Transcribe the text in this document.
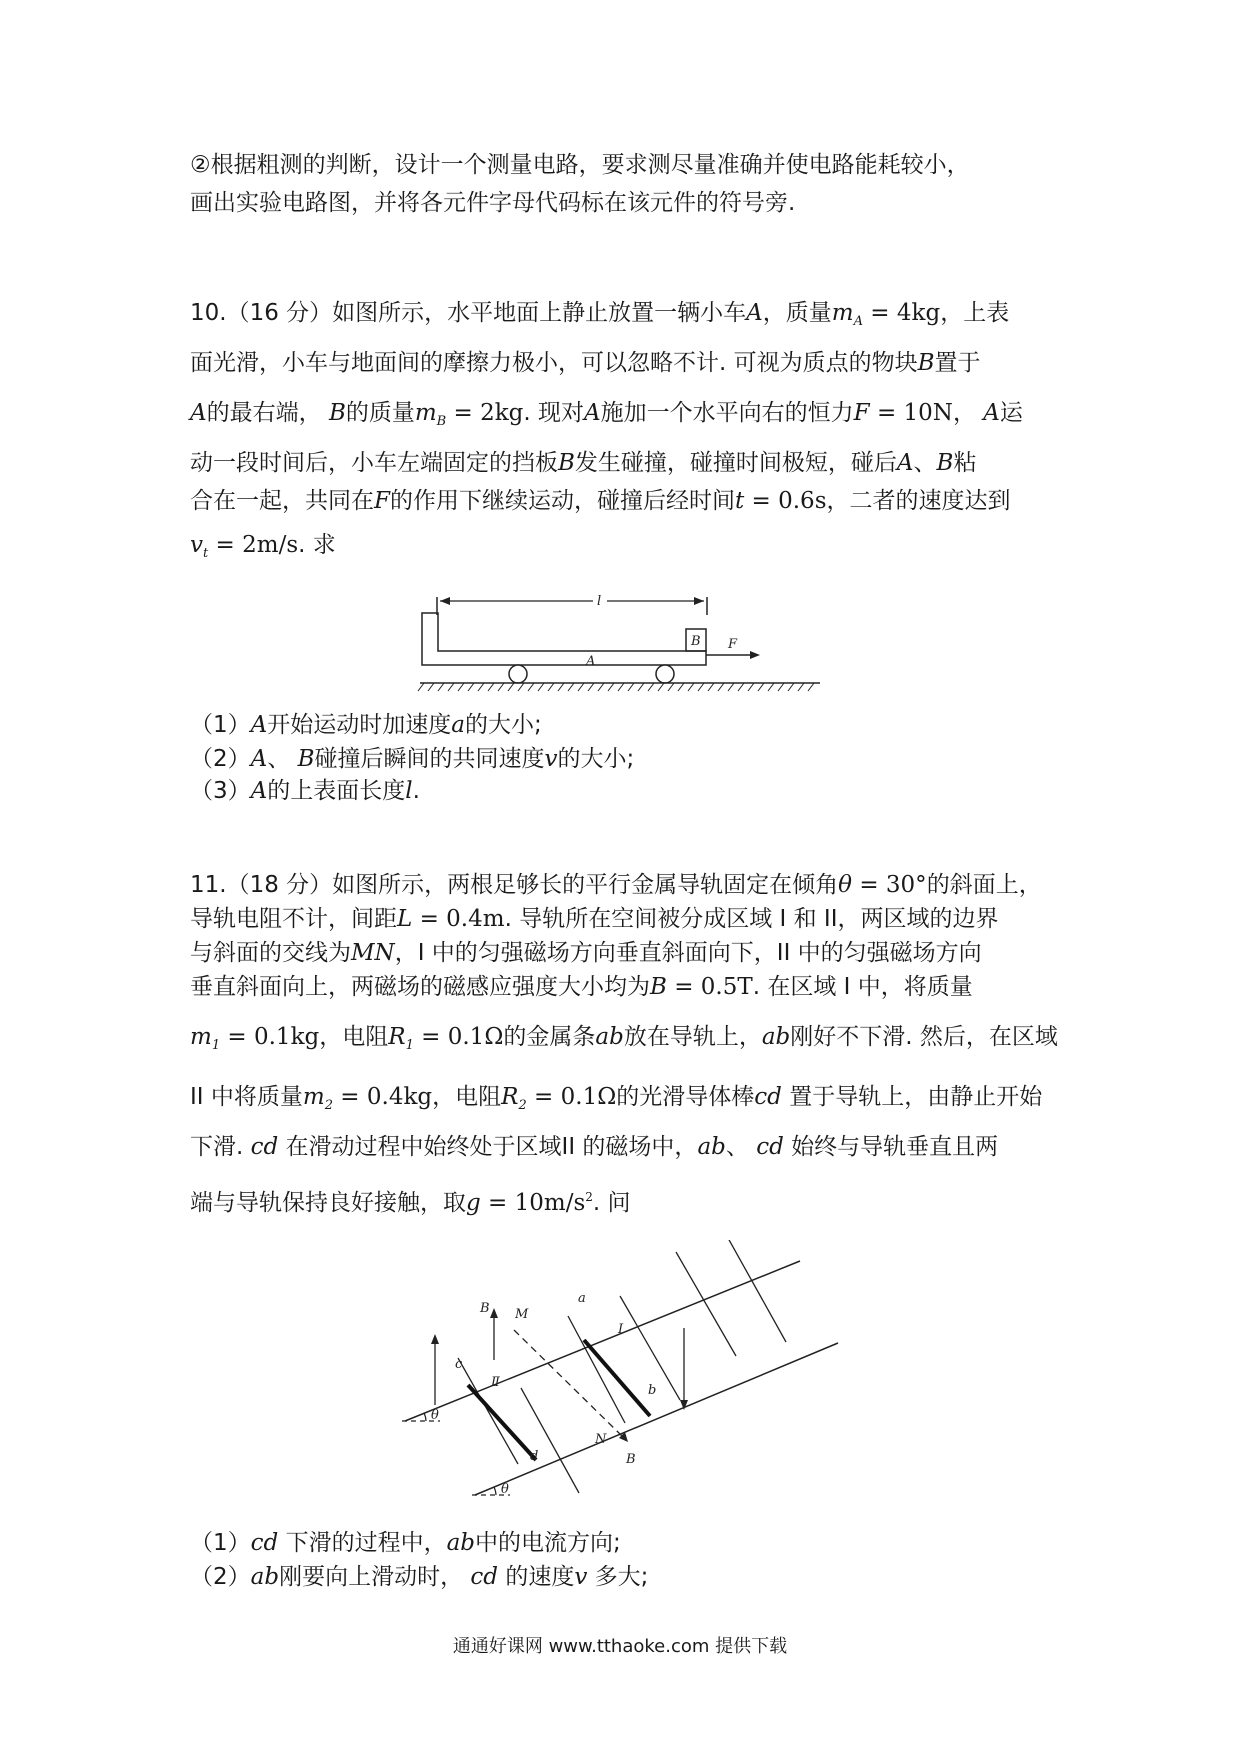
②根据粗测的判断，设计一个测量电路，要求测尽量准确并使电路能耗较小，
画出实验电路图，并将各元件字母代码标在该元件的符号旁.
10.（16 分）如图所示，水平地面上静止放置一辆小车A，质量$m_A = 4kg$，上表
面光滑，小车与地面间的摩擦力极小，可以忽略不计. 可视为质点的物块B置于
A的最右端， B的质量$m_B = 2kg$. 现对A施加一个水平向右的恒力F = 10N， A运
动一段时间后，小车左端固定的挡板B发生碰撞，碰撞时间极短，碰后A、B粘
合在一起，共同在F的作用下继续运动，碰撞后经时间t = 0.6s，二者的速度达到
$v_t = 2m/s$. 求
l
A
B F
（1）A开始运动时加速度a的大小;
（2）A、 B碰撞后瞬间的共同速度v的大小;
（3）A的上表面长度l.
11.（18 分）如图所示，两根足够长的平行金属导轨固定在倾角θ = 30°的斜面上，
导轨电阻不计，间距L = 0.4m. 导轨所在空间被分成区域 I 和 II，两区域的边界
与斜面的交线为MN，I 中的匀强磁场方向垂直斜面向下，II 中的匀强磁场方向
垂直斜面向上，两磁场的磁感应强度大小均为B = 0.5T. 在区域 I 中，将质量
$m_1 = 0.1kg$，电阻$R_1 = 0.1\Omega$的金属条ab放在导轨上，ab刚好不下滑. 然后，在区域
II 中将质量$m_2 = 0.4kg$，电阻$R_2 = 0.1\Omega$的光滑导体棒cd 置于导轨上，由静止开始
下滑. cd 在滑动过程中始终处于区域II 的磁场中，ab、 cd 始终与导轨垂直且两
端与导轨保持良好接触，取$g = 10m/s^2$. 问
B M
a
I
c
Ⅱ
b
N
B
d
θ
θ
（1）cd 下滑的过程中，ab中的电流方向;
（2）ab刚要向上滑动时， cd 的速度v 多大;
通通好课网 www.tthaoke.com 提供下载
